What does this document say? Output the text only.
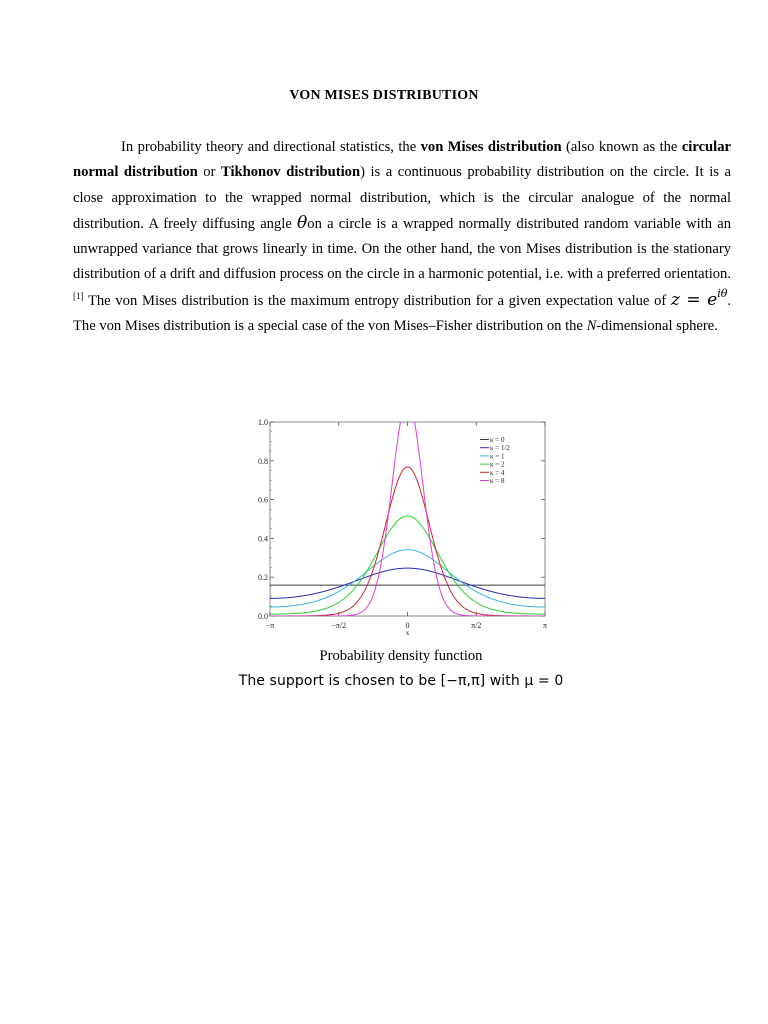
VON MISES DISTRIBUTION

In probability theory and directional statistics, the von Mises distribution (also known as the circular normal distribution or Tikhonov distribution) is a continuous probability distribution on the circle. It is a close approximation to the wrapped normal distribution, which is the circular analogue of the normal distribution. A freely diffusing angle θon a circle is a wrapped normally distributed random variable with an unwrapped variance that grows linearly in time. On the other hand, the von Mises distribution is the stationary distribution of a drift and diffusion process on the circle in a harmonic potential, i.e. with a preferred orientation.[1] The von Mises distribution is the maximum entropy distribution for a given expectation value of $z = e^{i\theta}$. The von Mises distribution is a special case of the von Mises–Fisher distribution on the N-dimensional sphere.

0.0
0.2
0.4
0.6
0.8
1.0
−π	−π/2	0	π/2	π
x
κ = 0
κ = 1/2
κ = 1
κ = 2
κ = 4
κ = 8
Probability density function
The support is chosen to be [−π,π] with μ = 0
